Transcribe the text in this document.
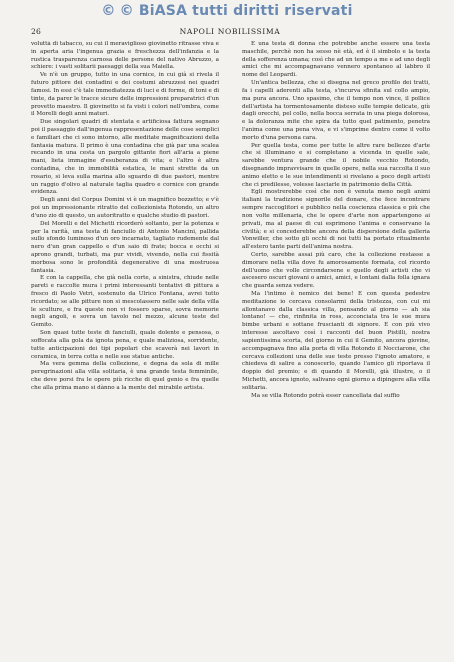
© © BiASA tutti diritti riservati
26	NAPOLI NOBILISSIMA

voluttà di tabacco, su cui il meraviglioso giovinetto ritrasse viva e in aperta aria l'ingenua grazia e freschezza dell'infanzia e la rustica trasparenza carnosa delle persone del nativo Abruzzo, a schiere: i vasti solitarii paesaggi della sua Maiella.

Ve n'è un gruppo, tutto in una cornice, in cui già si rivela il futuro pittore dei contadini e dei costumi abruzzesi nei quadri famosi. In essi c'è tale immediatezza di luci e di forme, di toni e di tinte, da parer le tracce sicure delle impressioni preparatrici d'un provetto maestro. Il giovinetto si fa visti i colori nell'ombra, come il Morelli degli anni maturi.

Due singolari quadri di stentata e artificiosa fattura segnano poi il passaggio dall'ingenua rappresentazione delle cose semplici e familiari che ci sono intorno, alle meditate magnificazioni della fantasia matura. Il primo è una contadina che già par una scalea recando in una cesta un pargolo gittante fiori all'aria a piene mani, lieta immagine d'esuberanza di vita; e l'altro è altra contadina, che in immobilità estatica, le mani strette da un rosario, si leva sulla marina allo sguardo di due pastori, mentre un raggio d'olivo al naturale taglia quadro e cornice con grande evidenza.

Degli anni del Corpus Domini vi è un magnifico bozzetto; e v'è poi un impressionante ritratto del collezionista Rotondo, un altro d'uno zio di questo, un autoritratto e qualche studio di pastori.

Del Morelli e del Michetti ricorderò soltanto, per la potenza e per la rarità, una testa di fanciullo di Antonio Mancini, pallida sullo sfondo luminoso d'un oro incarnato, tagliato rudemente dal nero d'un gran cappello e d'un saio di frate; bocca e occhi si aprono grandi, turbati, ma pur vividi, vivendo, nella cui fissità morbosa sono le profondità degenerative di una mostruosa fantasia.

E con la cappella, che già nella corte, a sinistra, chiude nelle pareti e raccolte mura i primi interessanti tentativi di pittura a fresco di Paolo Vetri, sostenuto da Ulrico Fontana, avrei tutto ricordato; se alle pitture non si mescolassero nelle sale della villa le sculture, e fra queste non vi fossero sparse, sovra memorie negli angoli, e sovra un tavolo nel mezzo, alcune teste del Gemito.

Son quasi tutte teste di fanciulli, quale dolente e pensosa, o soffocata alla gola da ignota pena, e quale maliziosa, sorridente, tutte anticipazioni dei tipi popolari che scaverà nei lavori in ceramica, in terra cotta e nelle sue statue antiche.

Ma vera gemma della collezione, e degna da sola di mille peregrinazioni alla villa solitaria, è una grande testa femminile, che deve porsi fra le opere più ricche di quel genio e fra quelle che alla prima mano si dànno a la mente del mirabile artista.

È una testa di donna che potrebbe anche essere una testa maschile, perchè non ha sesso nè età, ed è il simbolo e la testa della sofferenza umana; così che ad un tempo a me e ad uno degli amici che mi accompagnavano vennero spontaneo al labbro il nome del Leopardi.

Un'antica bellezza, che si disegna nel greco profilo dei tratti, fa i capelli aderenti alla testa, s'incurva sfinita sul collo ampio, ma pura ancora. Uno spasimo, che il tempo non vince, il pollice dell'artista ha tormentosamente disteso sulle tempie delicate, giù dagli orecchi, pel collo, nella bocca serrata in una piega dolorosa, e la doloranza mite che spira da tutto quel patimento, penetra l'anima come una pena viva, e vi s'imprime dentro come il volto morto d'una persona cara.

Per quella testa, come per tutte le altre rare bellezze d'arte che si illuminano e si completano a vicenda in quelle sale, sarebbe ventura grande che il nobile vecchio Rotondo, disegnando impravvisare in quelle opere, nella sua raccolta il suo animo eletto e le sue intendimenti si rivelano a poco degli artisti che ci predilesse, volesse lasciarle in patrimonio della Città.

Egli mostrerebbe così che non è venuta meno negli animi italiani la tradizione signorile del donare, che fece incontrare sempre raccoglitori e pubblico nella coscienza classica e più che non volte millenaria, che le opere d'arte non appartengono ai privati, ma al paese di cui esprimono l'anima e conservano la civiltà; e si concederebbe ancora della dispersione della galleria Vonwiller, che sotto gli occhi di noi tutti ha portato ritualmente all'estero tante parti dell'anima nostra.

Certo, sarebbe assai più caro, che la collezione restasse a dimorare nella villa dove fu amorosamente formata, col ricordo dell'uomo che volle circondarsene e quello degli artisti che vi ascesero oscuri giovani o amici, amici, e lontani dalla folla ignara che guarda senza vedere.

Ma l'intimo è nemico dei bene! E con questa pedestre meditazione io cercava consolarmi della tristezza, con cui mi allontanavo dalla classica villa, pensando al giorno — ah sia lontano! — che, rinfinita in ross, acconciata tra le sue mura bimbe urbani e sottane fruscianti di signore. E con più vivo interesse ascoltavo così i racconti del buon Pistilli, nostra sapientissima scorta, del giorno in cui il Gemito, ancora giovine, accompagnava fino alla porta di villa Rotondo il Nocciarone, che cercava collezioni una delle sue teste presso l'ignoto amatore, e chiedeva di salire a conoscerlo, quando l'amico gli riportava il doppio del premio; e di quando il Morelli, già illustre, o il Michetti, ancora ignoto, salivano ogni giorno a dipingere alla villa solitaria.

Ma se villa Rotondo potrà esser cancellata dal suffio
